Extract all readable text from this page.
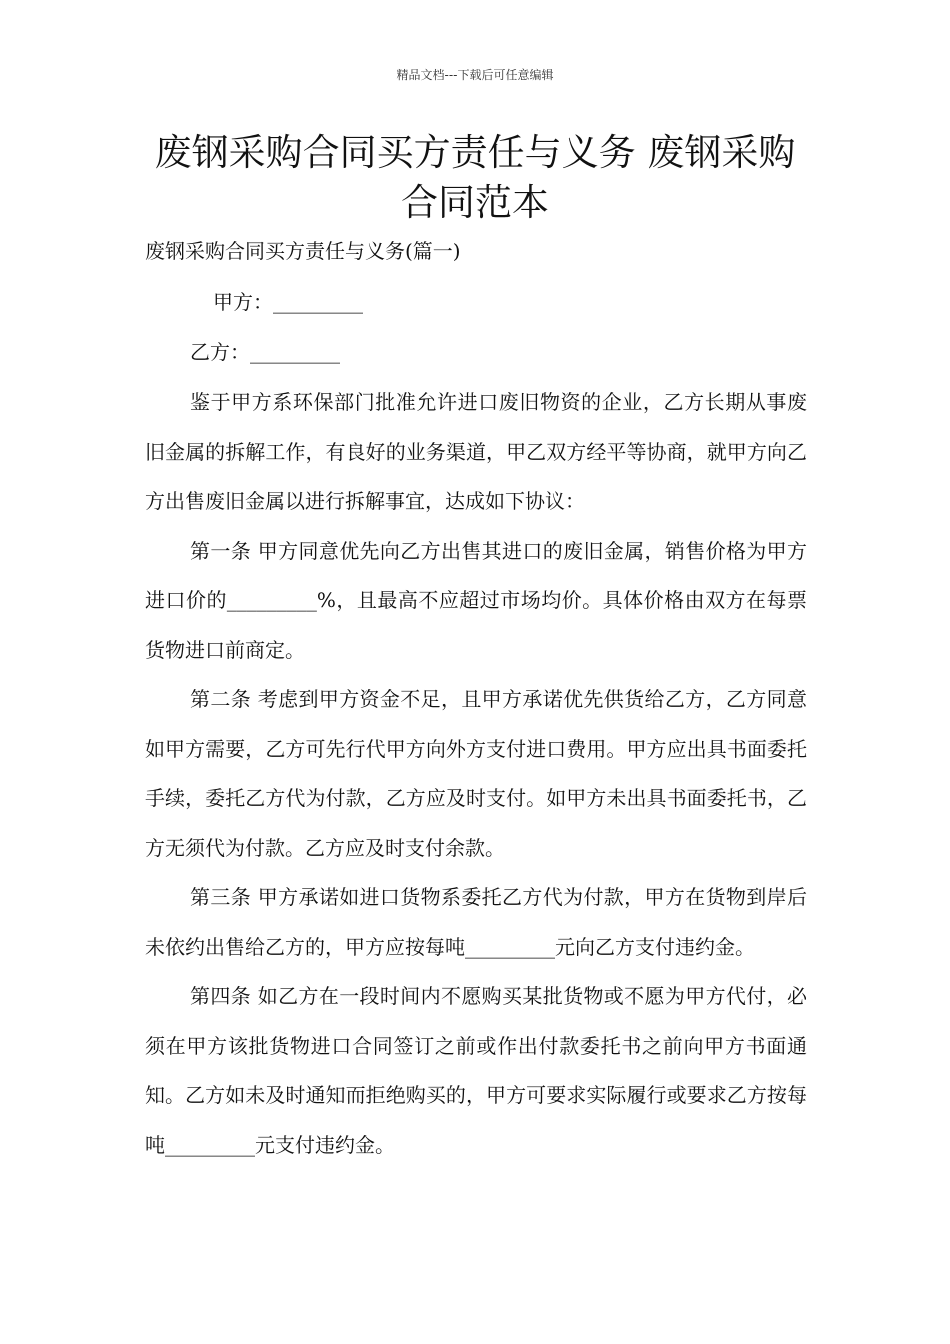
精品文档---下载后可任意编辑
废钢采购合同买方责任与义务 废钢采购合同范本
废钢采购合同买方责任与义务(篇一)

甲方：_________

乙方：_________

鉴于甲方系环保部门批准允许进口废旧物资的企业，乙方长期从事废旧金属的拆解工作，有良好的业务渠道，甲乙双方经平等协商，就甲方向乙方出售废旧金属以进行拆解事宜，达成如下协议：

第一条 甲方同意优先向乙方出售其进口的废旧金属，销售价格为甲方进口价的_________%，且最高不应超过市场均价。具体价格由双方在每票货物进口前商定。

第二条 考虑到甲方资金不足，且甲方承诺优先供货给乙方，乙方同意如甲方需要，乙方可先行代甲方向外方支付进口费用。甲方应出具书面委托手续，委托乙方代为付款，乙方应及时支付。如甲方未出具书面委托书，乙方无须代为付款。乙方应及时支付余款。

第三条 甲方承诺如进口货物系委托乙方代为付款，甲方在货物到岸后未依约出售给乙方的，甲方应按每吨_________元向乙方支付违约金。

第四条 如乙方在一段时间内不愿购买某批货物或不愿为甲方代付，必须在甲方该批货物进口合同签订之前或作出付款委托书之前向甲方书面通知。乙方如未及时通知而拒绝购买的，甲方可要求实际履行或要求乙方按每吨_________元支付违约金。
